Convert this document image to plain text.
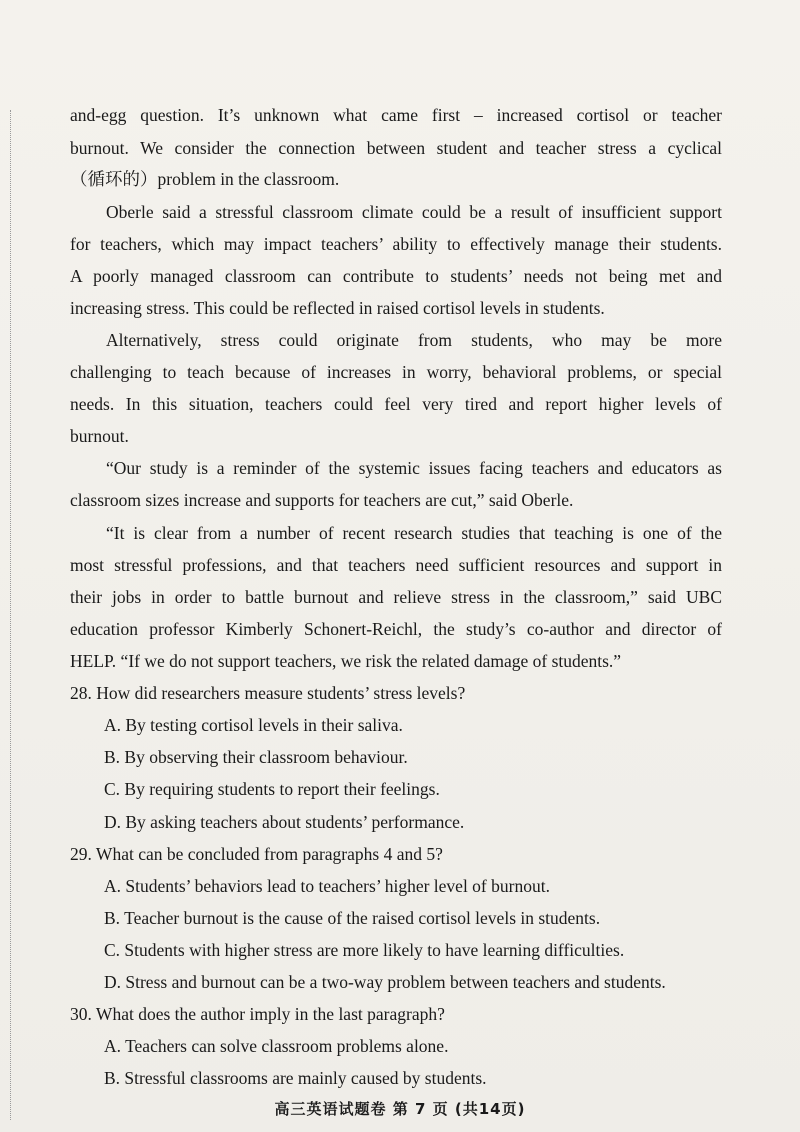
and-egg question. It’s unknown what came first – increased cortisol or teacher
burnout. We consider the connection between student and teacher stress a cyclical
（循环的）problem in the classroom.
Oberle said a stressful classroom climate could be a result of insufficient support
for teachers, which may impact teachers’ ability to effectively manage their students.
A poorly managed classroom can contribute to students’ needs not being met and
increasing stress. This could be reflected in raised cortisol levels in students.
Alternatively, stress could originate from students, who may be more
challenging to teach because of increases in worry, behavioral problems, or special
needs. In this situation, teachers could feel very tired and report higher levels of
burnout.
“Our study is a reminder of the systemic issues facing teachers and educators as
classroom sizes increase and supports for teachers are cut,” said Oberle.
“It is clear from a number of recent research studies that teaching is one of the
most stressful professions, and that teachers need sufficient resources and support in
their jobs in order to battle burnout and relieve stress in the classroom,” said UBC
education professor Kimberly Schonert-Reichl, the study’s co-author and director of
HELP. “If we do not support teachers, we risk the related damage of students.”
28. How did researchers measure students’ stress levels?
A. By testing cortisol levels in their saliva.
B. By observing their classroom behaviour.
C. By requiring students to report their feelings.
D. By asking teachers about students’ performance.
29. What can be concluded from paragraphs 4 and 5?
A. Students’ behaviors lead to teachers’ higher level of burnout.
B. Teacher burnout is the cause of the raised cortisol levels in students.
C. Students with higher stress are more likely to have learning difficulties.
D. Stress and burnout can be a two-way problem between teachers and students.
30. What does the author imply in the last paragraph?
A. Teachers can solve classroom problems alone.
B. Stressful classrooms are mainly caused by students.
高三英语试题卷 第 7 页 (共14页)
